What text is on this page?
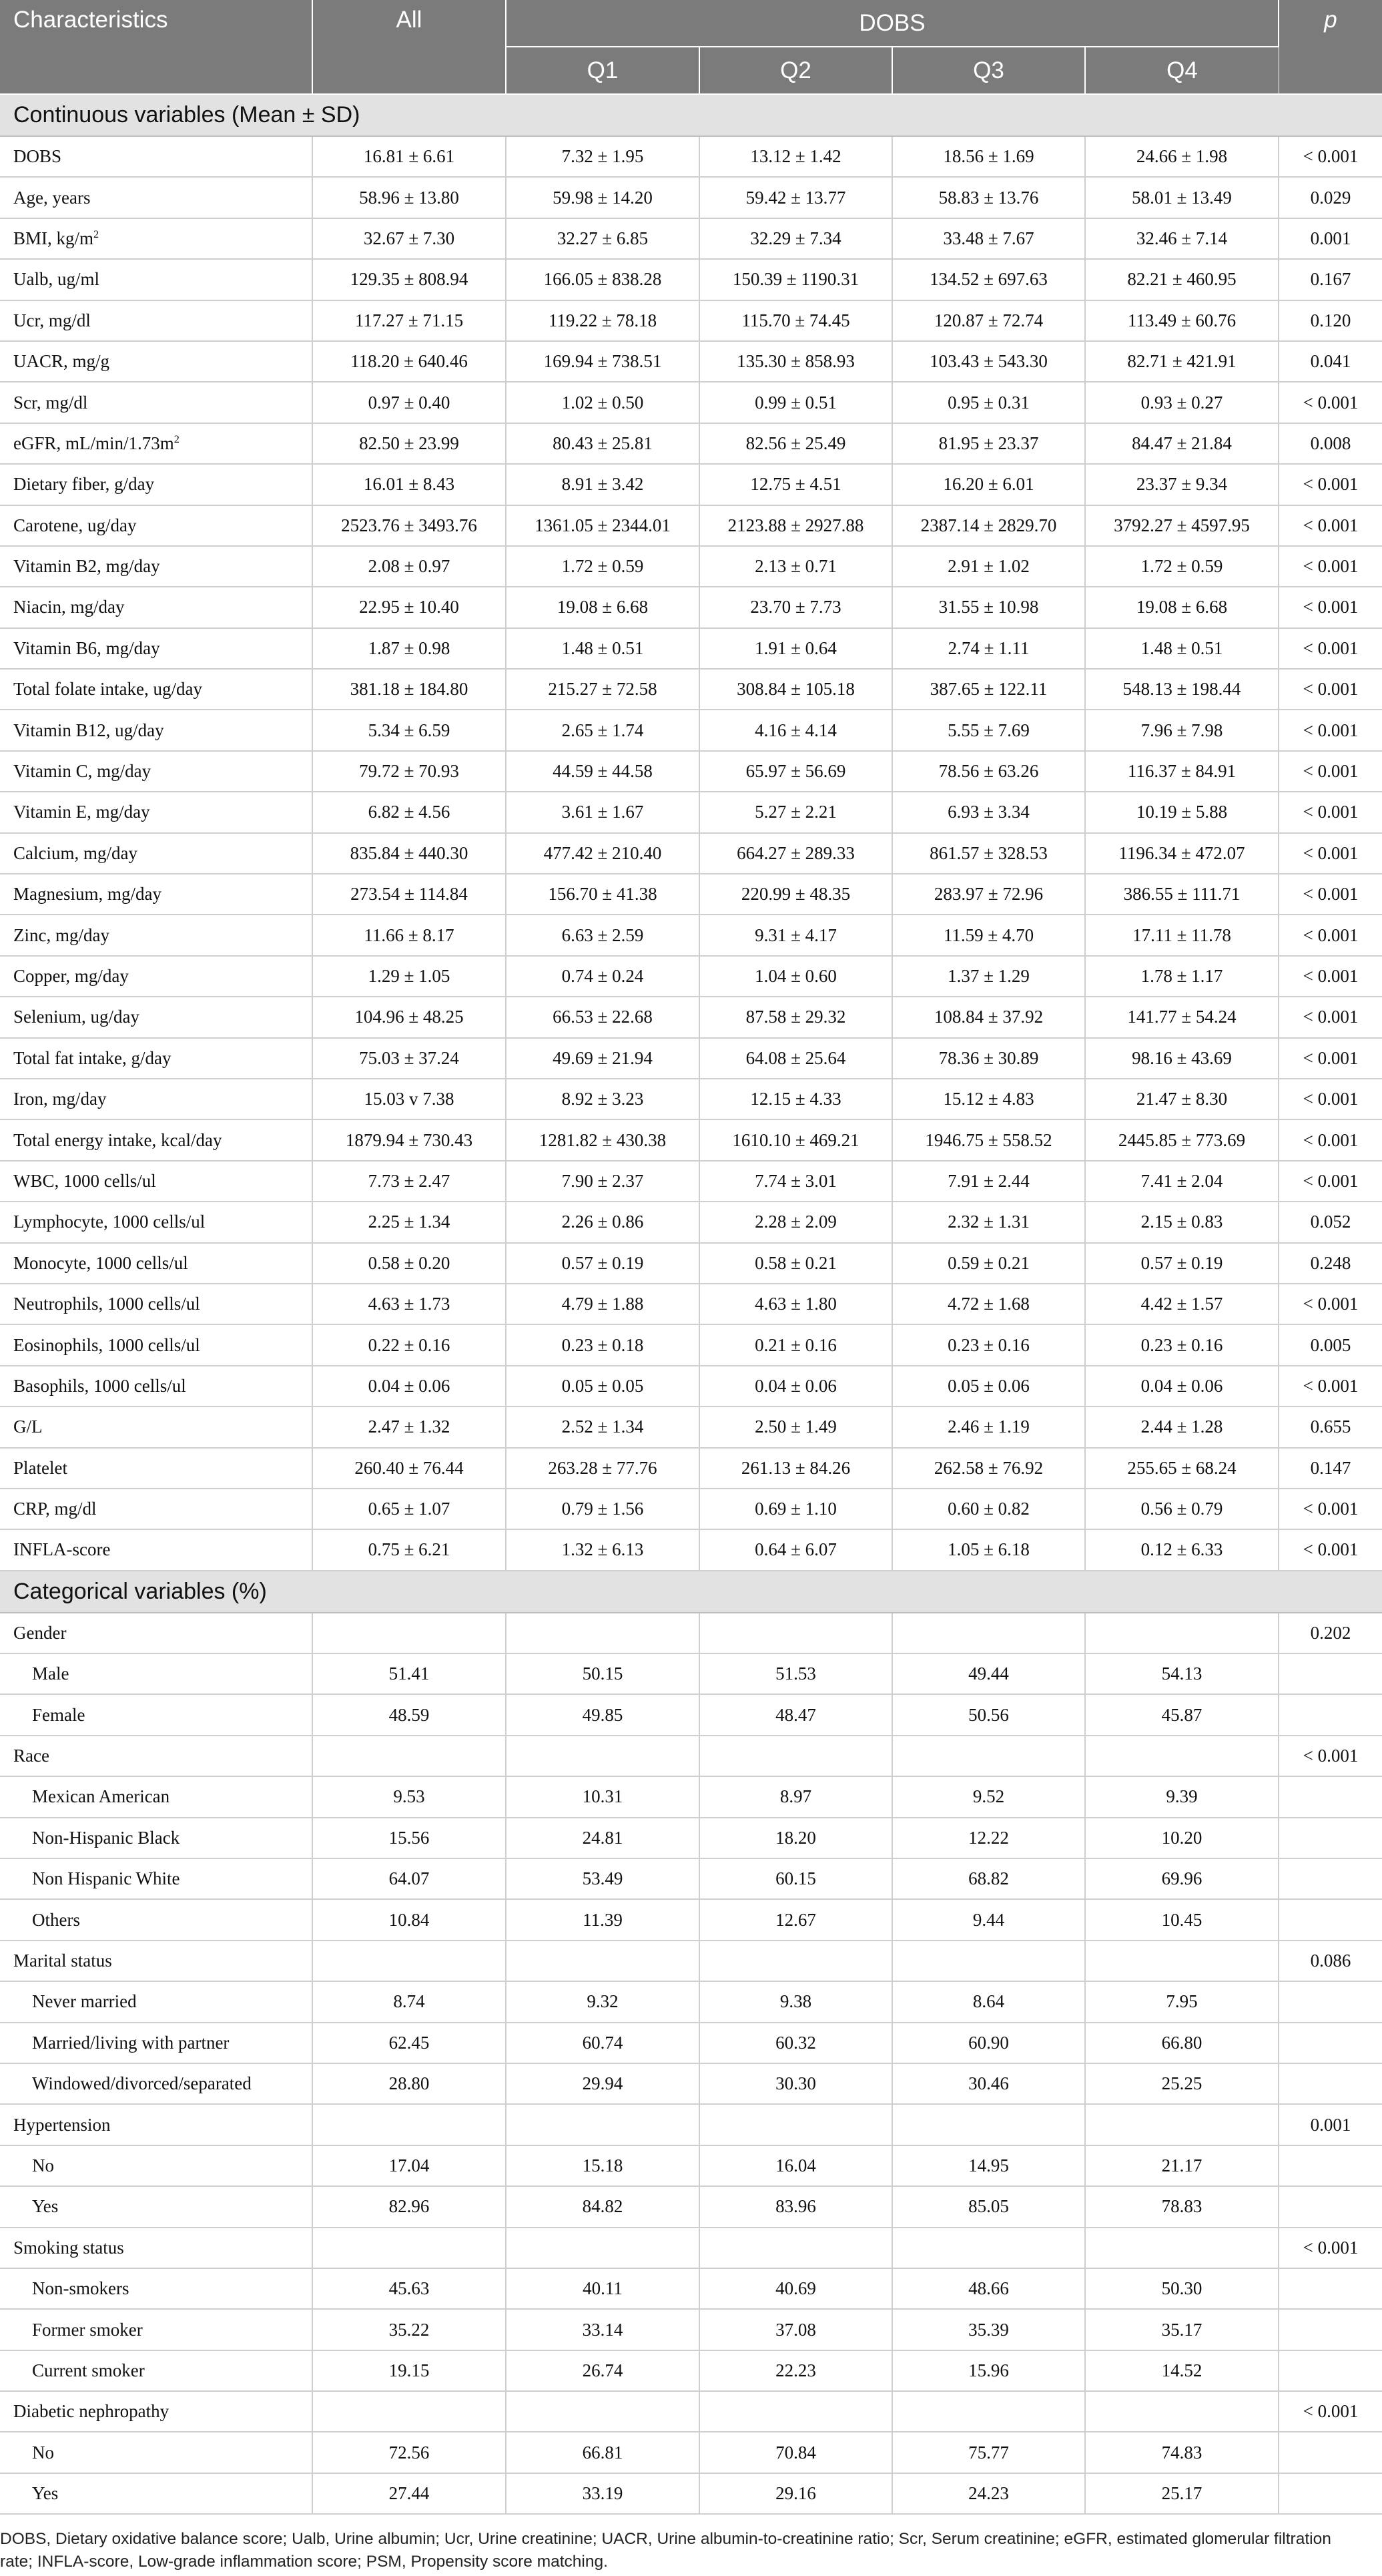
Characteristics	All	DOBS				p
		Q1	Q2	Q3	Q4	
Continuous variables (Mean ± SD)						
DOBS	16.81 ± 6.61	7.32 ± 1.95	13.12 ± 1.42	18.56 ± 1.69	24.66 ± 1.98	< 0.001
Age, years	58.96 ± 13.80	59.98 ± 14.20	59.42 ± 13.77	58.83 ± 13.76	58.01 ± 13.49	0.029
BMI, $kg/m^2$	32.67 ± 7.30	32.27 ± 6.85	32.29 ± 7.34	33.48 ± 7.67	32.46 ± 7.14	0.001
Ualb, ug/ml	129.35 ± 808.94	166.05 ± 838.28	150.39 ± 1190.31	134.52 ± 697.63	82.21 ± 460.95	0.167
Ucr, mg/dl	117.27 ± 71.15	119.22 ± 78.18	115.70 ± 74.45	120.87 ± 72.74	113.49 ± 60.76	0.120
UACR, mg/g	118.20 ± 640.46	169.94 ± 738.51	135.30 ± 858.93	103.43 ± 543.30	82.71 ± 421.91	0.041
Scr, mg/dl	0.97 ± 0.40	1.02 ± 0.50	0.99 ± 0.51	0.95 ± 0.31	0.93 ± 0.27	< 0.001
eGFR, $mL/\min/1.73m^2$	82.50 ± 23.99	80.43 ± 25.81	82.56 ± 25.49	81.95 ± 23.37	84.47 ± 21.84	0.008
Dietary fiber, g/day	16.01 ± 8.43	8.91 ± 3.42	12.75 ± 4.51	16.20 ± 6.01	23.37 ± 9.34	< 0.001
Carotene, ug/day	2523.76 ± 3493.76	1361.05 ± 2344.01	2123.88 ± 2927.88	2387.14 ± 2829.70	3792.27 ± 4597.95	< 0.001
Vitamin B2, mg/day	2.08 ± 0.97	1.72 ± 0.59	2.13 ± 0.71	2.91 ± 1.02	1.72 ± 0.59	< 0.001
Niacin, mg/day	22.95 ± 10.40	19.08 ± 6.68	23.70 ± 7.73	31.55 ± 10.98	19.08 ± 6.68	< 0.001
Vitamin B6, mg/day	1.87 ± 0.98	1.48 ± 0.51	1.91 ± 0.64	2.74 ± 1.11	1.48 ± 0.51	< 0.001
Total folate intake, ug/day	381.18 ± 184.80	215.27 ± 72.58	308.84 ± 105.18	387.65 ± 122.11	548.13 ± 198.44	< 0.001
Vitamin B12, ug/day	5.34 ± 6.59	2.65 ± 1.74	4.16 ± 4.14	5.55 ± 7.69	7.96 ± 7.98	< 0.001
Vitamin C, mg/day	79.72 ± 70.93	44.59 ± 44.58	65.97 ± 56.69	78.56 ± 63.26	116.37 ± 84.91	< 0.001
Vitamin E, mg/day	6.82 ± 4.56	3.61 ± 1.67	5.27 ± 2.21	6.93 ± 3.34	10.19 ± 5.88	< 0.001
Calcium, mg/day	835.84 ± 440.30	477.42 ± 210.40	664.27 ± 289.33	861.57 ± 328.53	1196.34 ± 472.07	< 0.001
Magnesium, mg/day	273.54 ± 114.84	156.70 ± 41.38	220.99 ± 48.35	283.97 ± 72.96	386.55 ± 111.71	< 0.001
Zinc, mg/day	11.66 ± 8.17	6.63 ± 2.59	9.31 ± 4.17	11.59 ± 4.70	17.11 ± 11.78	< 0.001
Copper, mg/day	1.29 ± 1.05	0.74 ± 0.24	1.04 ± 0.60	1.37 ± 1.29	1.78 ± 1.17	< 0.001
Selenium, ug/day	104.96 ± 48.25	66.53 ± 22.68	87.58 ± 29.32	108.84 ± 37.92	141.77 ± 54.24	< 0.001
Total fat intake, g/day	75.03 ± 37.24	49.69 ± 21.94	64.08 ± 25.64	78.36 ± 30.89	98.16 ± 43.69	< 0.001
Iron, mg/day	15.03 v 7.38	8.92 ± 3.23	12.15 ± 4.33	15.12 ± 4.83	21.47 ± 8.30	< 0.001
Total energy intake, kcal/day	1879.94 ± 730.43	1281.82 ± 430.38	1610.10 ± 469.21	1946.75 ± 558.52	2445.85 ± 773.69	< 0.001
WBC, 1000 cells/ul	7.73 ± 2.47	7.90 ± 2.37	7.74 ± 3.01	7.91 ± 2.44	7.41 ± 2.04	< 0.001
Lymphocyte, 1000 cells/ul	2.25 ± 1.34	2.26 ± 0.86	2.28 ± 2.09	2.32 ± 1.31	2.15 ± 0.83	0.052
Monocyte, 1000 cells/ul	0.58 ± 0.20	0.57 ± 0.19	0.58 ± 0.21	0.59 ± 0.21	0.57 ± 0.19	0.248
Neutrophils, 1000 cells/ul	4.63 ± 1.73	4.79 ± 1.88	4.63 ± 1.80	4.72 ± 1.68	4.42 ± 1.57	< 0.001
Eosinophils, 1000 cells/ul	0.22 ± 0.16	0.23 ± 0.18	0.21 ± 0.16	0.23 ± 0.16	0.23 ± 0.16	0.005
Basophils, 1000 cells/ul	0.04 ± 0.06	0.05 ± 0.05	0.04 ± 0.06	0.05 ± 0.06	0.04 ± 0.06	< 0.001
G/L	2.47 ± 1.32	2.52 ± 1.34	2.50 ± 1.49	2.46 ± 1.19	2.44 ± 1.28	0.655
Platelet	260.40 ± 76.44	263.28 ± 77.76	261.13 ± 84.26	262.58 ± 76.92	255.65 ± 68.24	0.147
CRP, mg/dl	0.65 ± 1.07	0.79 ± 1.56	0.69 ± 1.10	0.60 ± 0.82	0.56 ± 0.79	< 0.001
INFLA-score	0.75 ± 6.21	1.32 ± 6.13	0.64 ± 6.07	1.05 ± 6.18	0.12 ± 6.33	< 0.001
Categorical variables (%)						
Gender						0.202
Male	51.41	50.15	51.53	49.44	54.13	
Female	48.59	49.85	48.47	50.56	45.87	
Race						< 0.001
Mexican American	9.53	10.31	8.97	9.52	9.39	
Non-Hispanic Black	15.56	24.81	18.20	12.22	10.20	
Non Hispanic White	64.07	53.49	60.15	68.82	69.96	
Others	10.84	11.39	12.67	9.44	10.45	
Marital status						0.086
Never married	8.74	9.32	9.38	8.64	7.95	
Married/living with partner	62.45	60.74	60.32	60.90	66.80	
Windowed/divorced/separated	28.80	29.94	30.30	30.46	25.25	
Hypertension						0.001
No	17.04	15.18	16.04	14.95	21.17	
Yes	82.96	84.82	83.96	85.05	78.83	
Smoking status						< 0.001
Non-smokers	45.63	40.11	40.69	48.66	50.30	
Former smoker	35.22	33.14	37.08	35.39	35.17	
Current smoker	19.15	26.74	22.23	15.96	14.52	
Diabetic nephropathy						< 0.001
No	72.56	66.81	70.84	75.77	74.83	
Yes	27.44	33.19	29.16	24.23	25.17	
DOBS, Dietary oxidative balance score; Ualb, Urine albumin; Ucr, Urine creatinine; UACR, Urine albumin-to-creatinine ratio; Scr, Serum creatinine; eGFR, estimated glomerular filtration rate; INFLA-score, Low-grade inflammation score; PSM, Propensity score matching.
